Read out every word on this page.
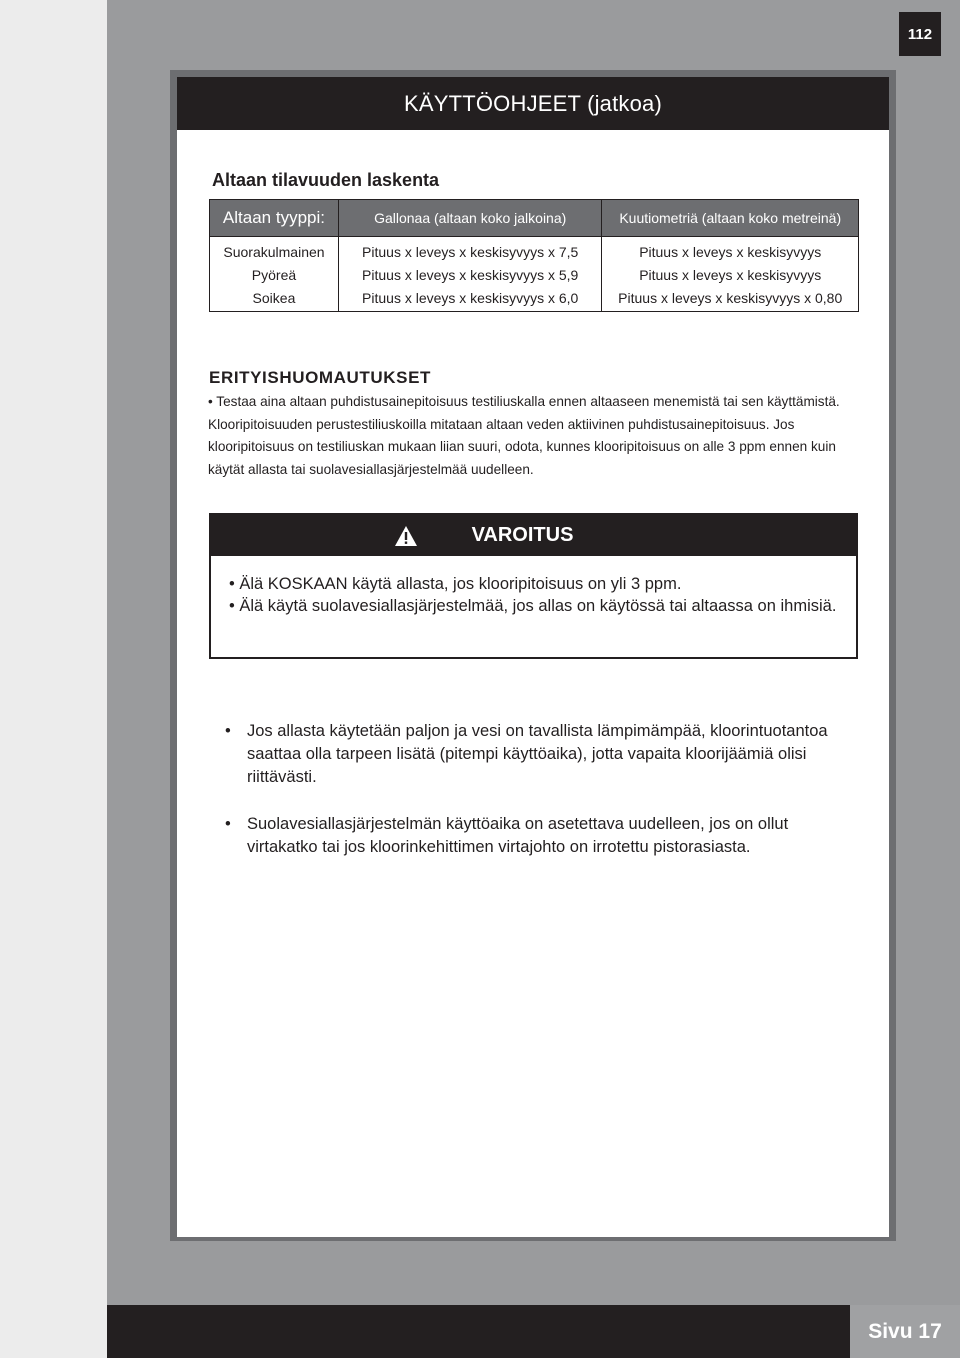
112
KÄYTTÖOHJEET (jatkoa)
Altaan tilavuuden laskenta
Altaan tyyppi:	Gallonaa (altaan koko jalkoina)	Kuutiometriä (altaan koko metreinä)
Suorakulmainen	Pituus x leveys x keskisyvyys x 7,5	Pituus x leveys x keskisyvyys
Pyöreä	Pituus x leveys x keskisyvyys x 5,9	Pituus x leveys x keskisyvyys
Soikea	Pituus x leveys x keskisyvyys x 6,0	Pituus x leveys x keskisyvyys x 0,80
ERITYISHUOMAUTUKSET
• Testaa aina altaan puhdistusainepitoisuus testiliuskalla ennen altaaseen menemistä tai sen käyttämistä. Klooripitoisuuden perustestiliuskoilla mitataan altaan veden aktiivinen puhdistusainepitoisuus. Jos klooripitoisuus on testiliuskan mukaan liian suuri, odota, kunnes klooripitoisuus on alle 3 ppm ennen kuin käytät allasta tai suolavesiallasjärjestelmää uudelleen.
VAROITUS
• Älä KOSKAAN käytä allasta, jos klooripitoisuus on yli 3 ppm.
• Älä käytä suolavesiallasjärjestelmää, jos allas on käytössä tai altaassa on ihmisiä.
• Jos allasta käytetään paljon ja vesi on tavallista lämpimämpää, kloorintuotantoa saattaa olla tarpeen lisätä (pitempi käyttöaika), jotta vapaita kloorijäämiä olisi riittävästi.
• Suolavesiallasjärjestelmän käyttöaika on asetettava uudelleen, jos on ollut virtakatko tai jos kloorinkehittimen virtajohto on irrotettu pistorasiasta.
Sivu 17
